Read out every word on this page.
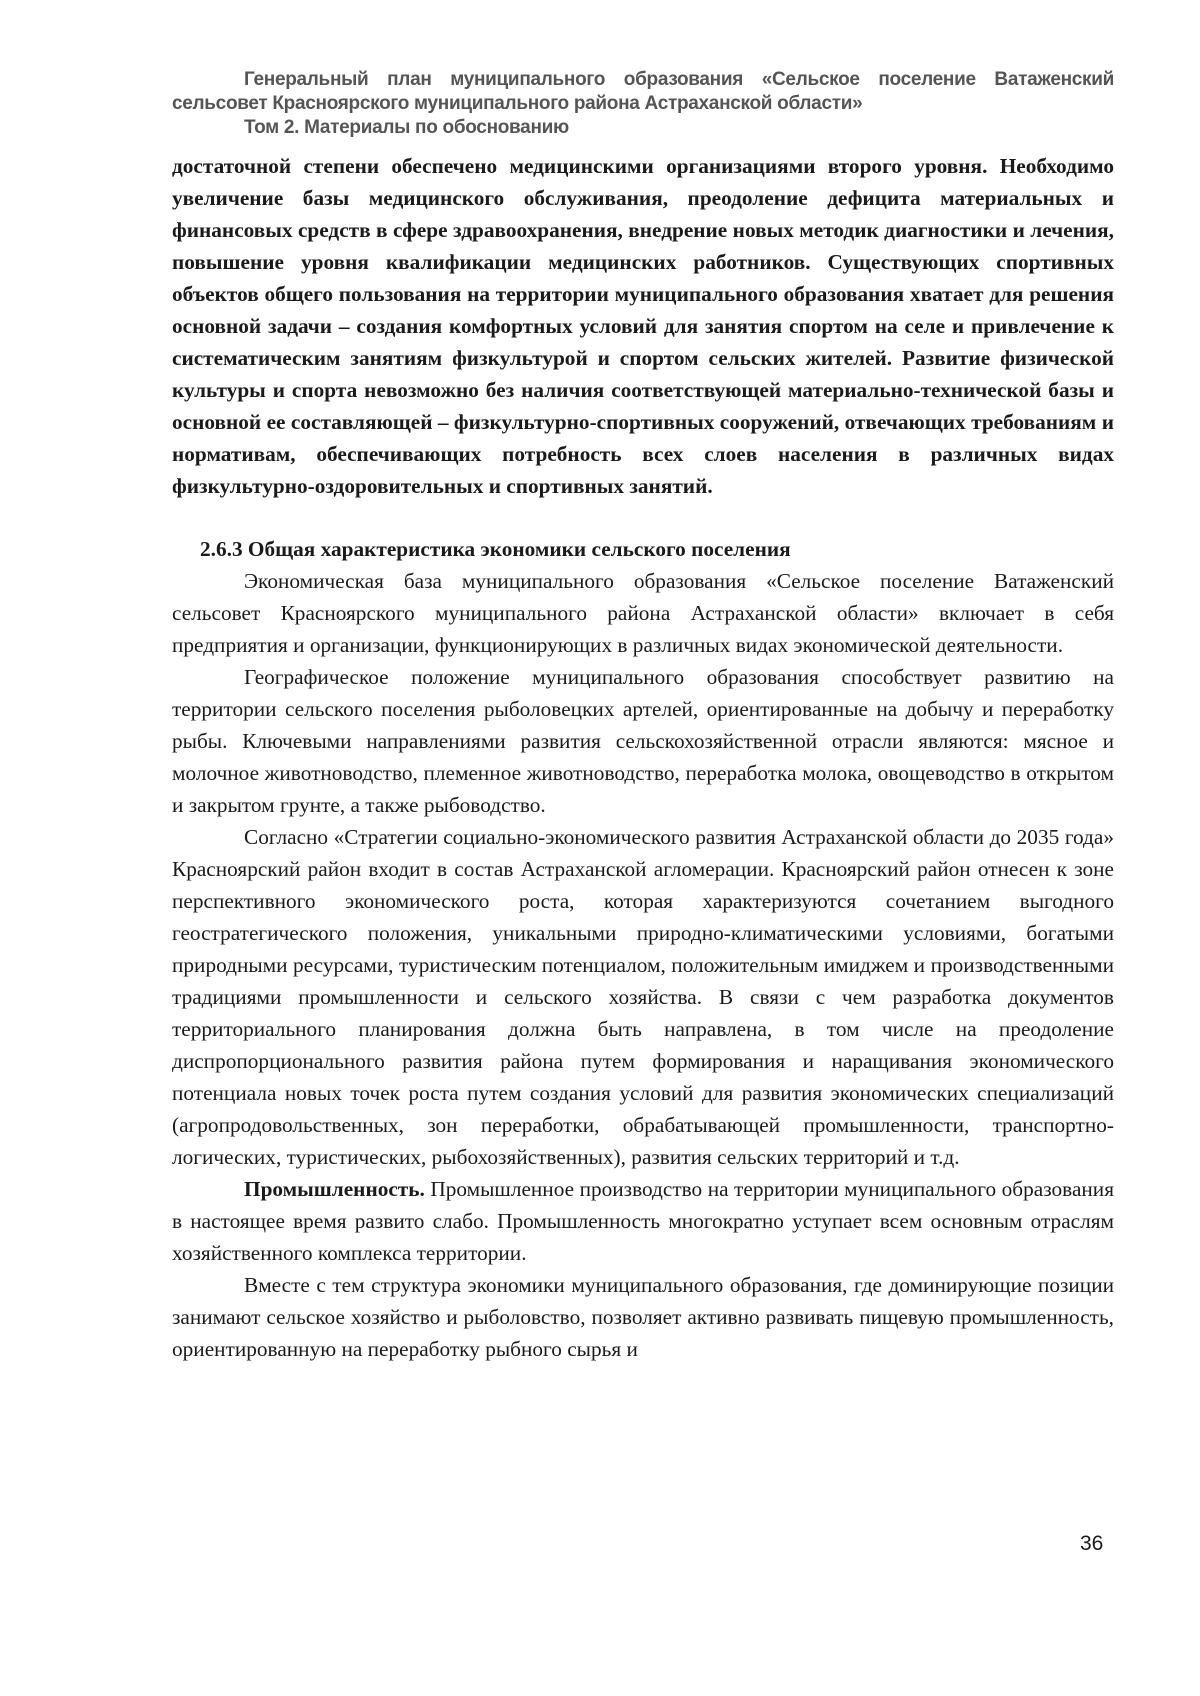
Генеральный план муниципального образования «Сельское поселение Ватаженский сельсовет Красноярского муниципального района Астраханской области»
Том 2. Материалы по обоснованию

достаточной степени обеспечено медицинскими организациями второго уровня. Необходимо увеличение базы медицинского обслуживания, преодоление дефицита материальных и финансовых средств в сфере здравоохранения, внедрение новых методик диагностики и лечения, повышение уровня квалификации медицинских работников. Существующих спортивных объектов общего пользования на территории муниципального образования хватает для решения основной задачи – создания комфортных условий для занятия спортом на селе и привлечение к систематическим занятиям физкультурой и спортом сельских жителей. Развитие физической культуры и спорта невозможно без наличия соответствующей материально-технической базы и основной ее составляющей – физкультурно-спортивных сооружений, отвечающих требованиям и нормативам, обеспечивающих потребность всех слоев населения в различных видах физкультурно-оздоровительных и спортивных занятий.

2.6.3 Общая характеристика экономики сельского поселения

Экономическая база муниципального образования «Сельское поселение Ватаженский сельсовет Красноярского муниципального района Астраханской области» включает в себя предприятия и организации, функционирующих в различных видах экономической деятельности.

Географическое положение муниципального образования способствует развитию на территории сельского поселения рыболовецких артелей, ориентированные на добычу и переработку рыбы. Ключевыми направлениями развития сельскохозяйственной отрасли являются: мясное и молочное животноводство, племенное животноводство, переработка молока, овощеводство в открытом и закрытом грунте, а также рыбоводство.

Согласно «Стратегии социально-экономического развития Астраханской области до 2035 года» Красноярский район входит в состав Астраханской агломерации. Красноярский район отнесен к зоне перспективного экономического роста, которая характеризуются сочетанием выгодного геостратегического положения, уникальными природно-климатическими условиями, богатыми природными ресурсами, туристическим потенциалом, положительным имиджем и производственными традициями промышленности и сельского хозяйства. В связи с чем разработка документов территориального планирования должна быть направлена, в том числе на преодоление диспропорционального развития района путем формирования и наращивания экономического потенциала новых точек роста путем создания условий для развития экономических специализаций (агропродовольственных, зон переработки, обрабатывающей промышленности, транспортно-логических, туристических, рыбохозяйственных), развития сельских территорий и т.д.

Промышленность. Промышленное производство на территории муниципального образования в настоящее время развито слабо. Промышленность многократно уступает всем основным отраслям хозяйственного комплекса территории.

Вместе с тем структура экономики муниципального образования, где доминирующие позиции занимают сельское хозяйство и рыболовство, позволяет активно развивать пищевую промышленность, ориентированную на переработку рыбного сырья и

36
